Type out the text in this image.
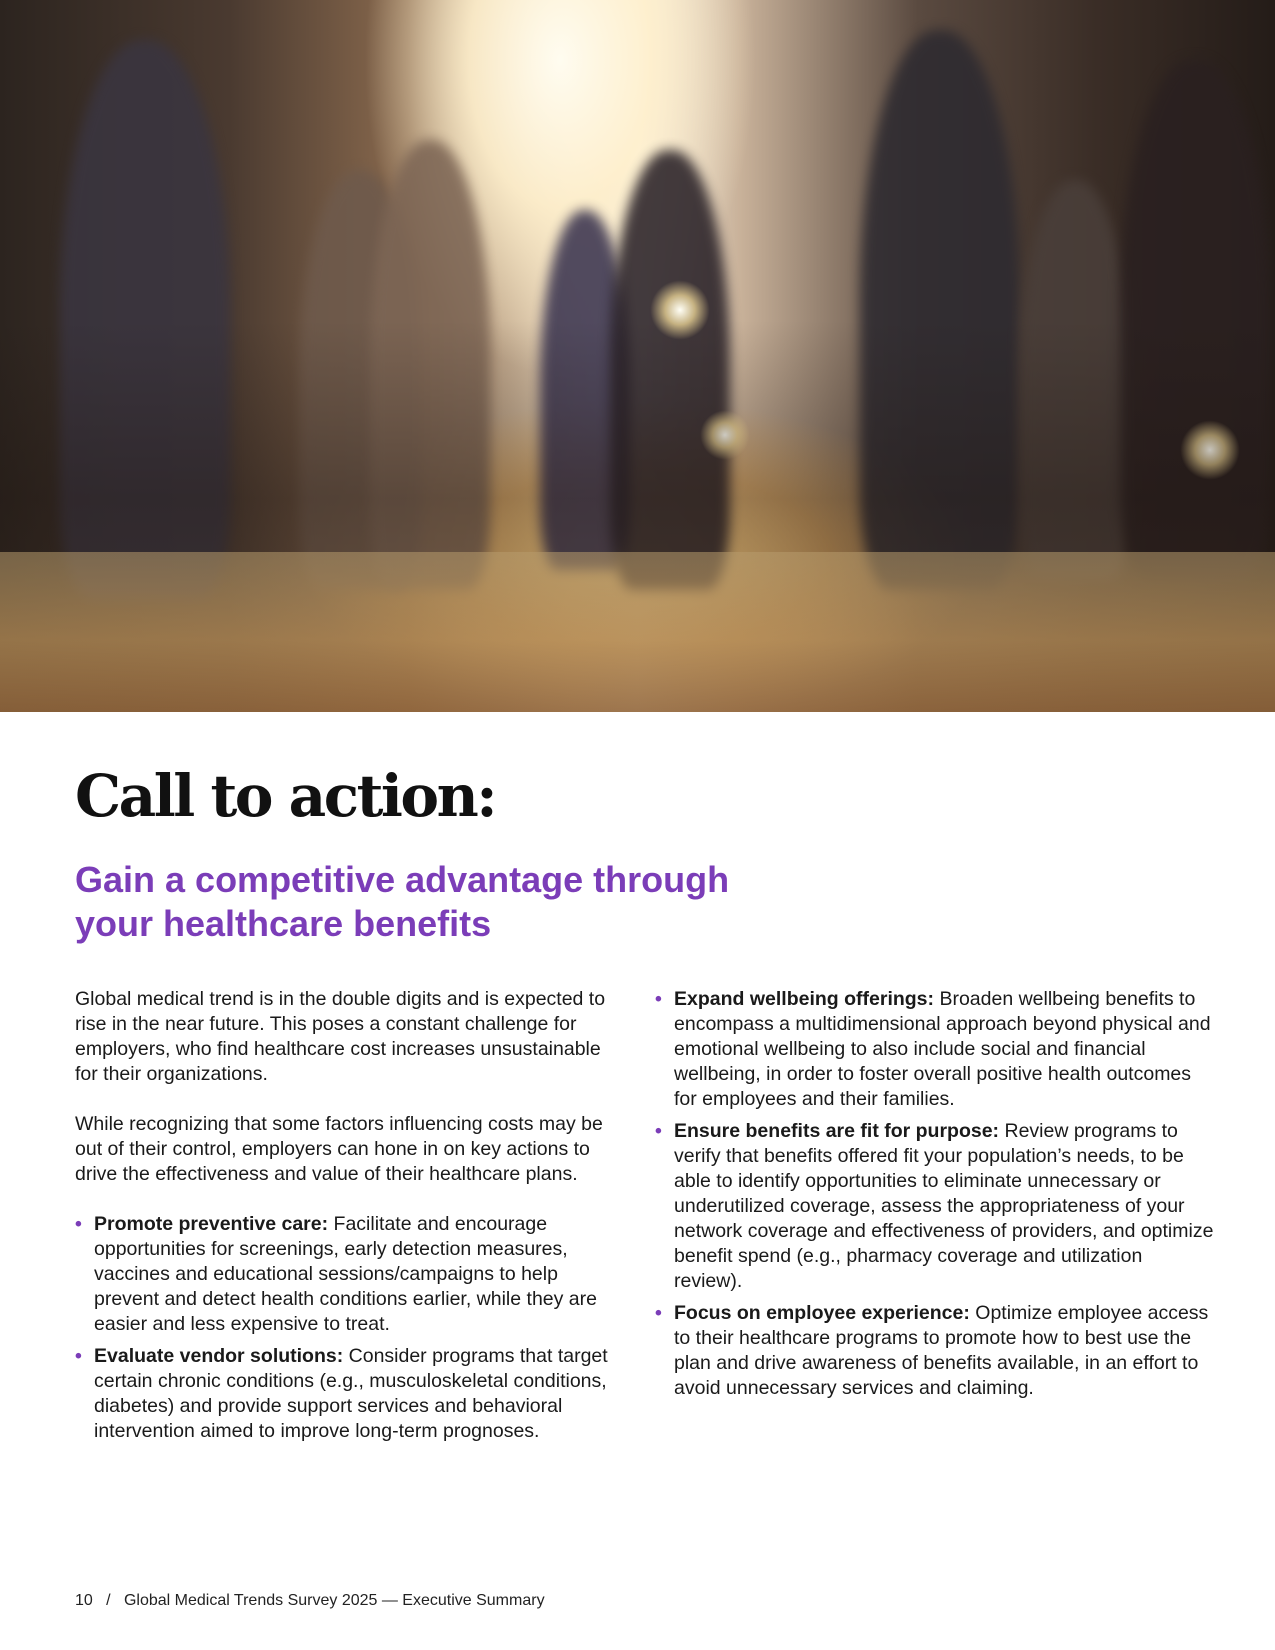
Call to action:
Gain a competitive advantage through your healthcare benefits

Global medical trend is in the double digits and is expected to rise in the near future. This poses a constant challenge for employers, who find healthcare cost increases unsustainable for their organizations.

While recognizing that some factors influencing costs may be out of their control, employers can hone in on key actions to drive the effectiveness and value of their healthcare plans.

• Promote preventive care: Facilitate and encourage opportunities for screenings, early detection measures, vaccines and educational sessions/campaigns to help prevent and detect health conditions earlier, while they are easier and less expensive to treat.
• Evaluate vendor solutions: Consider programs that target certain chronic conditions (e.g., musculoskeletal conditions, diabetes) and provide support services and behavioral intervention aimed to improve long-term prognoses.
• Expand wellbeing offerings: Broaden wellbeing benefits to encompass a multidimensional approach beyond physical and emotional wellbeing to also include social and financial wellbeing, in order to foster overall positive health outcomes for employees and their families.
• Ensure benefits are fit for purpose: Review programs to verify that benefits offered fit your population’s needs, to be able to identify opportunities to eliminate unnecessary or underutilized coverage, assess the appropriateness of your network coverage and effectiveness of providers, and optimize benefit spend (e.g., pharmacy coverage and utilization review).
• Focus on employee experience: Optimize employee access to their healthcare programs to promote how to best use the plan and drive awareness of benefits available, in an effort to avoid unnecessary services and claiming.
10 / Global Medical Trends Survey 2025 — Executive Summary
